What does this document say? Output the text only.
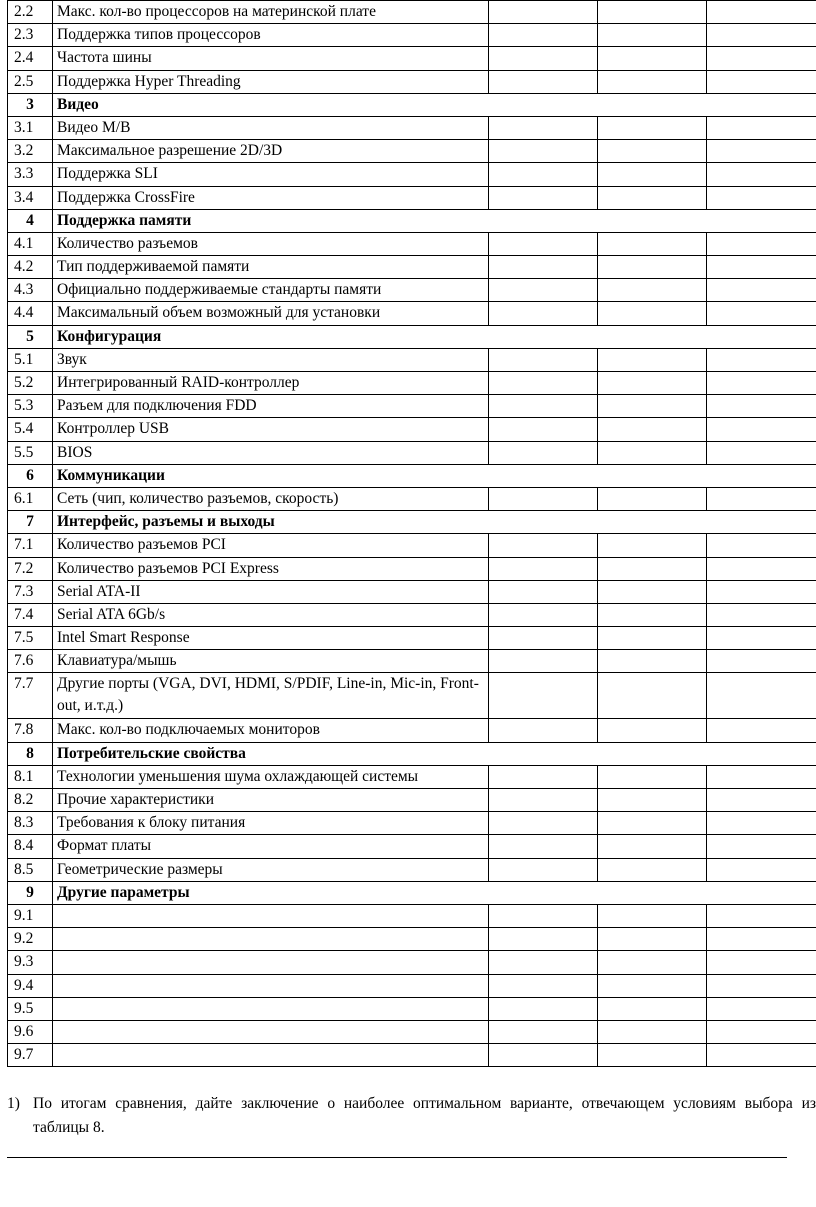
2.2	Макс. кол-во процессоров на материнской плате			
2.3	Поддержка типов процессоров			
2.4	Частота шины			
2.5	Поддержка Hyper Threading			
3	Видео			
3.1	Видео M/B			
3.2	Максимальное разрешение 2D/3D			
3.3	Поддержка SLI			
3.4	Поддержка CrossFire			
4	Поддержка памяти			
4.1	Количество разъемов			
4.2	Тип поддерживаемой памяти			
4.3	Официально поддерживаемые стандарты памяти			
4.4	Максимальный объем возможный для установки			
5	Конфигурация			
5.1	Звук			
5.2	Интегрированный RAID-контроллер			
5.3	Разъем для подключения FDD			
5.4	Контроллер USB			
5.5	BIOS			
6	Коммуникации			
6.1	Сеть (чип, количество разъемов, скорость)			
7	Интерфейс, разъемы и выходы			
7.1	Количество разъемов PCI			
7.2	Количество разъемов PCI Express			
7.3	Serial ATA-II			
7.4	Serial ATA 6Gb/s			
7.5	Intel Smart Response			
7.6	Клавиатура/мышь			
7.7	Другие порты (VGA, DVI, HDMI, S/PDIF, Line-in, Mic-in, Front-out, и.т.д.)			
7.8	Макс. кол-во подключаемых мониторов			
8	Потребительские свойства			
8.1	Технологии уменьшения шума охлаждающей системы			
8.2	Прочие характеристики			
8.3	Требования к блоку питания			
8.4	Формат платы			
8.5	Геометрические размеры			
9	Другие параметры			
9.1				
9.2				
9.3				
9.4				
9.5				
9.6				
9.7				
1) По итогам сравнения, дайте заключение о наиболее оптимальном варианте, отвечающем условиям выбора из таблицы 8.
